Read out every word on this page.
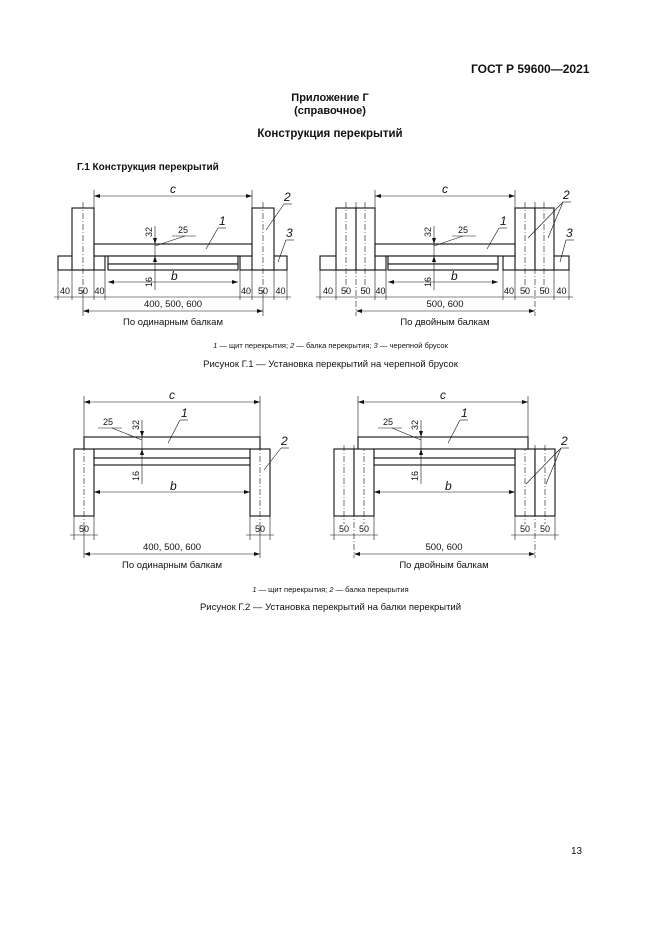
ГОСТ Р 59600—2021
Приложение Г
(справочное)
Конструкция перекрытий
Г.1 Конструкция перекрытий
c
32
16
25
1
2
3
b
40 50 40	40 50 40
400, 500, 600
По одинарным балкам
c
32
16
25
1
2
3
b
40 50 50 40	40 50 50 40
500, 600
По двойным балкам
c
32
16
25
1
2
b
50	50
400, 500, 600
По одинарным балкам
c
32
16
25
1
2
b
50 50	50 50
500, 600
По двойным балкам
1 — щит перекрытия; 2 — балка перекрытия; 3 — черепной брусок
Рисунок Г.1 — Установка перекрытий на черепной брусок
1 — щит перекрытия; 2 — балка перекрытия
Рисунок Г.2 — Установка перекрытий на балки перекрытий
13
